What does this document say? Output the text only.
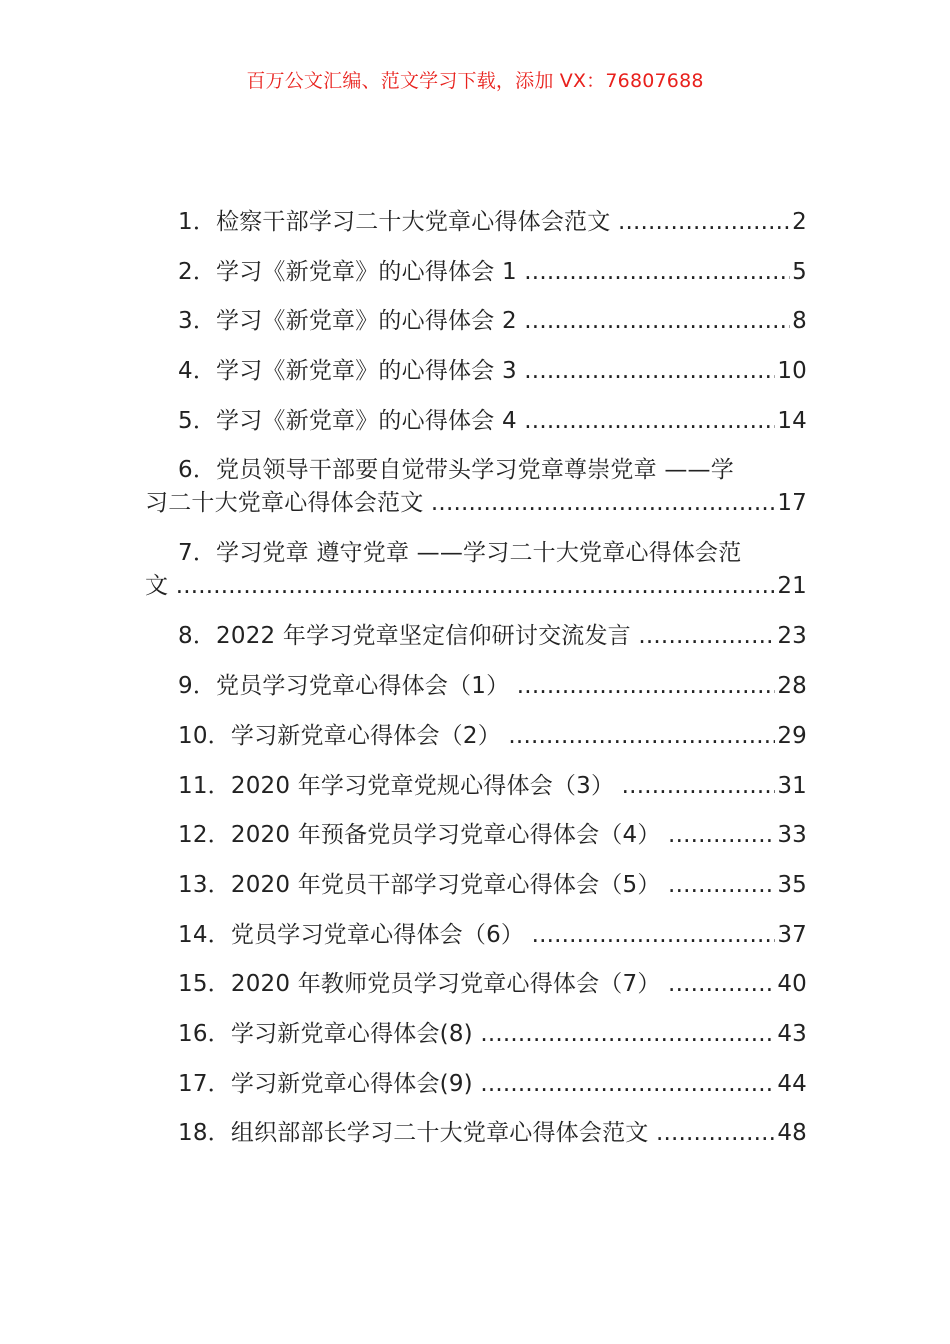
百万公文汇编、范文学习下载，添加 VX：76807688
1．检察干部学习二十大党章心得体会范文 .....	2
2．学习《新党章》的心得体会 1 .....	5
3．学习《新党章》的心得体会 2 .....	8
4．学习《新党章》的心得体会 3 .....	10
5．学习《新党章》的心得体会 4 .....	14
6．党员领导干部要自觉带头学习党章尊崇党章 ——学
习二十大党章心得体会范文 .....	17
7．学习党章 遵守党章 ——学习二十大党章心得体会范
文 .....	21
8．2022 年学习党章坚定信仰研讨交流发言 .....	23
9．党员学习党章心得体会（1） .....	28
10．学习新党章心得体会（2） .....	29
11．2020 年学习党章党规心得体会（3） .....	31
12．2020 年预备党员学习党章心得体会（4） .....	33
13．2020 年党员干部学习党章心得体会（5） .....	35
14．党员学习党章心得体会（6） .....	37
15．2020 年教师党员学习党章心得体会（7） .....	40
16．学习新党章心得体会(8) .....	43
17．学习新党章心得体会(9) .....	44
18．组织部部长学习二十大党章心得体会范文 .....	48
